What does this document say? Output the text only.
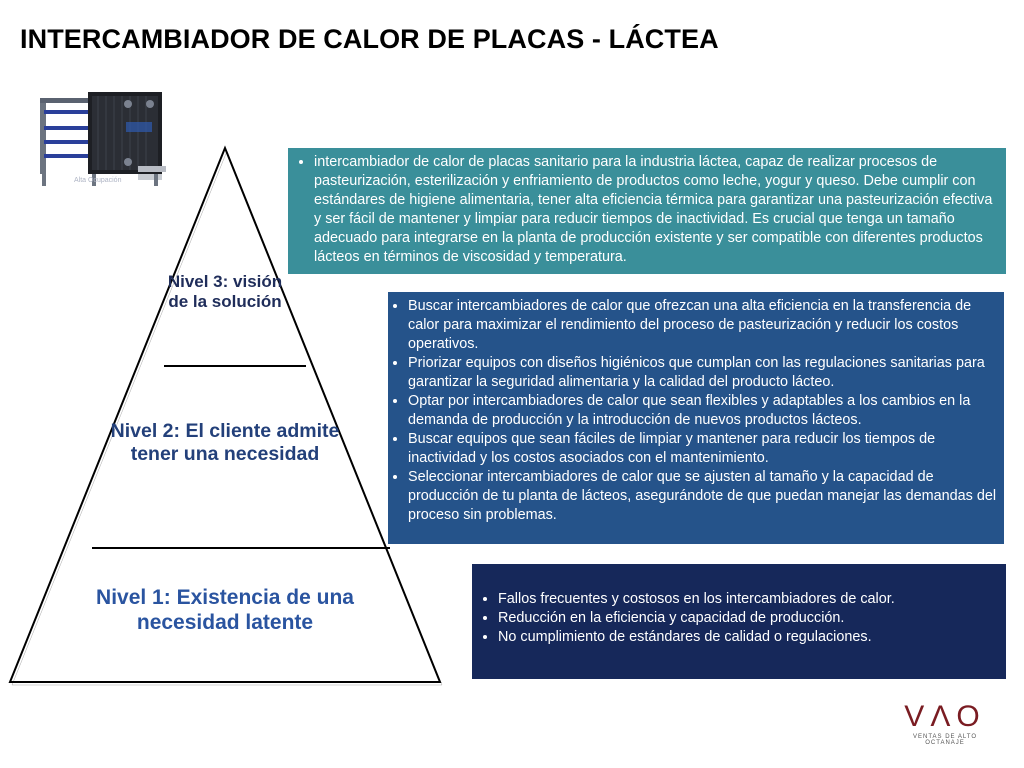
INTERCAMBIADOR DE CALOR DE PLACAS - LÁCTEA
Alta Ocupación
Nivel 3: visión de la solución
Nivel 2: El cliente admite tener una necesidad
Nivel 1: Existencia de una necesidad latente
• intercambiador de calor de placas sanitario para la industria láctea, capaz de realizar procesos de pasteurización, esterilización y enfriamiento de productos como leche, yogur y queso. Debe cumplir con estándares de higiene alimentaria, tener alta eficiencia térmica para garantizar una pasteurización efectiva y ser fácil de mantener y limpiar para reducir tiempos de inactividad. Es crucial que tenga un tamaño adecuado para integrarse en la planta de producción existente y ser compatible con diferentes productos lácteos en términos de viscosidad y temperatura.
• Buscar intercambiadores de calor que ofrezcan una alta eficiencia en la transferencia de calor para maximizar el rendimiento del proceso de pasteurización y reducir los costos operativos.
• Priorizar equipos con diseños higiénicos que cumplan con las regulaciones sanitarias para garantizar la seguridad alimentaria y la calidad del producto lácteo.
• Optar por intercambiadores de calor que sean flexibles y adaptables a los cambios en la demanda de producción y la introducción de nuevos productos lácteos.
• Buscar equipos que sean fáciles de limpiar y mantener para reducir los tiempos de inactividad y los costos asociados con el mantenimiento.
• Seleccionar intercambiadores de calor que se ajusten al tamaño y la capacidad de producción de tu planta de lácteos, asegurándote de que puedan manejar las demandas del proceso sin problemas.
• Fallos frecuentes y costosos en los intercambiadores de calor.
• Reducción en la eficiencia y capacidad de producción.
• No cumplimiento de estándares de calidad o regulaciones.
VΛO
VENTAS DE ALTO OCTANAJE
